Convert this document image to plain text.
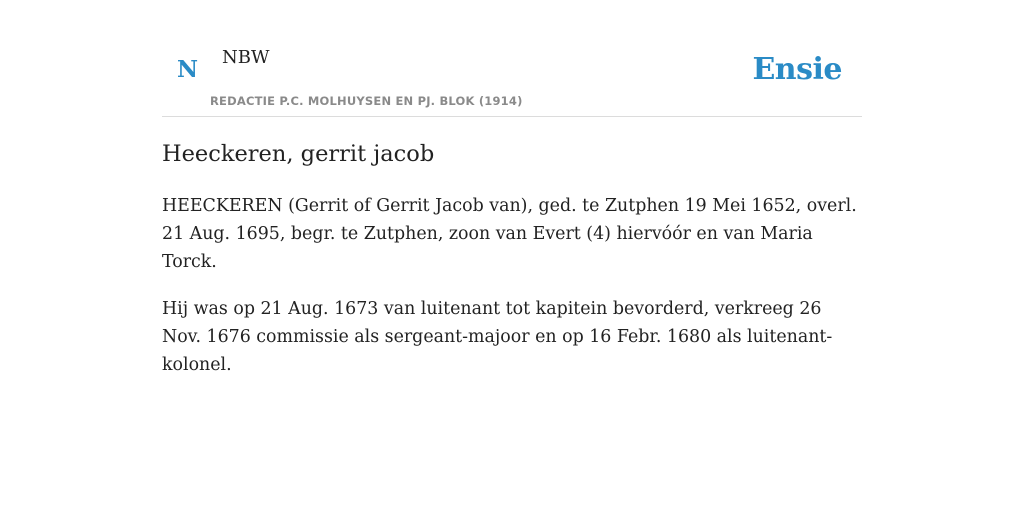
N NBW
REDACTIE P.C. MOLHUYSEN EN PJ. BLOK (1914)
Ensie
Heeckeren, gerrit jacob

HEECKEREN (Gerrit of Gerrit Jacob van), ged. te Zutphen 19 Mei 1652, overl. 21 Aug. 1695, begr. te Zutphen, zoon van Evert (4) hiervóór en van Maria Torck.

Hij was op 21 Aug. 1673 van luitenant tot kapitein bevorderd, verkreeg 26 Nov. 1676 commissie als sergeant-majoor en op 16 Febr. 1680 als luitenant-kolonel.
